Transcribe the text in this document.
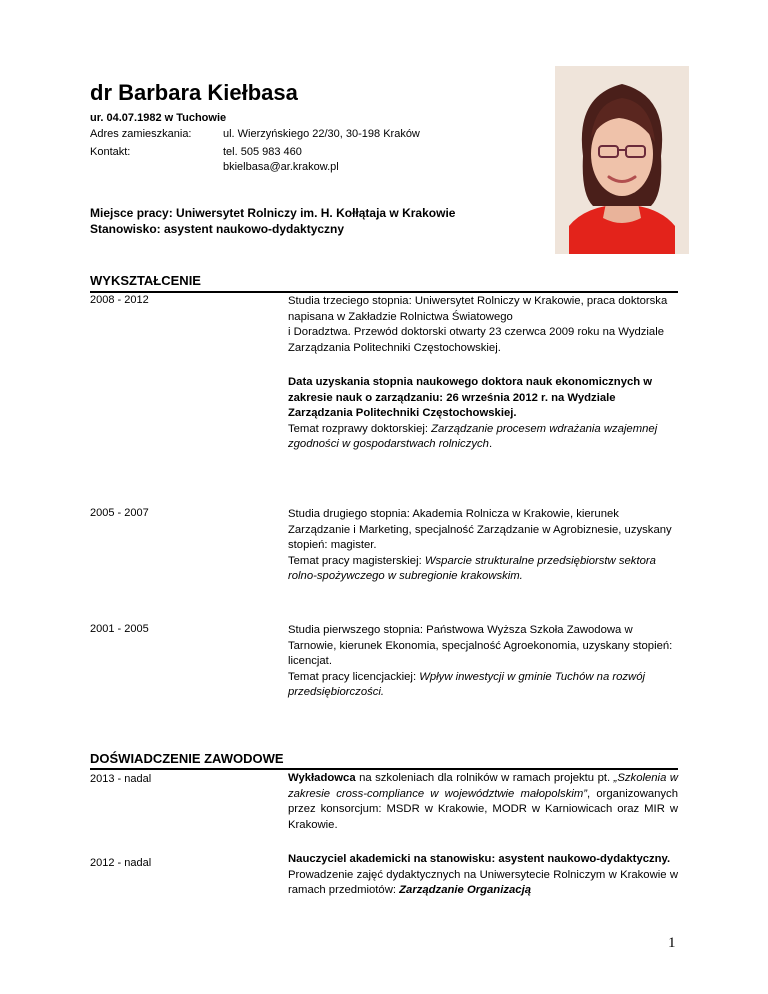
dr Barbara Kiełbasa
ur. 04.07.1982 w Tuchowie
Adres zamieszkania:	ul. Wierzyńskiego 22/30, 30-198 Kraków
Kontakt:	tel. 505 983 460
bkielbasa@ar.krakow.pl
Miejsce pracy: Uniwersytet Rolniczy im. H. Kołłątaja w Krakowie
Stanowisko: asystent naukowo-dydaktyczny
WYKSZTAŁCENIE
2008 - 2012	Studia trzeciego stopnia: Uniwersytet Rolniczy w Krakowie, praca doktorska napisana w Zakładzie Rolnictwa Światowego
i Doradztwa. Przewód doktorski otwarty 23 czerwca 2009 roku na Wydziale Zarządzania Politechniki Częstochowskiej.
Data uzyskania stopnia naukowego doktora nauk ekonomicznych w zakresie nauk o zarządzaniu: 26 września 2012 r. na Wydziale Zarządzania Politechniki Częstochowskiej.
Temat rozprawy doktorskiej: Zarządzanie procesem wdrażania wzajemnej zgodności w gospodarstwach rolniczych.
2005 - 2007	Studia drugiego stopnia: Akademia Rolnicza w Krakowie, kierunek Zarządzanie i Marketing, specjalność Zarządzanie w Agrobiznesie, uzyskany stopień: magister.
Temat pracy magisterskiej: Wsparcie strukturalne przedsiębiorstw sektora rolno-spożywczego w subregionie krakowskim.
2001 - 2005	Studia pierwszego stopnia: Państwowa Wyższa Szkoła Zawodowa w Tarnowie, kierunek Ekonomia, specjalność Agroekonomia, uzyskany stopień: licencjat.
Temat pracy licencjackiej: Wpływ inwestycji w gminie Tuchów na rozwój przedsiębiorczości.
DOŚWIADCZENIE ZAWODOWE
2013 - nadal	Wykładowca na szkoleniach dla rolników w ramach projektu pt. „Szkolenia w zakresie cross-compliance w województwie małopolskim”, organizowanych przez konsorcjum: MSDR w Krakowie, MODR w Karniowicach oraz MIR w Krakowie.
2012 - nadal	Nauczyciel akademicki na stanowisku: asystent naukowo-dydaktyczny.
Prowadzenie zajęć dydaktycznych na Uniwersytecie Rolniczym w Krakowie w ramach przedmiotów: Zarządzanie Organizacją
1
